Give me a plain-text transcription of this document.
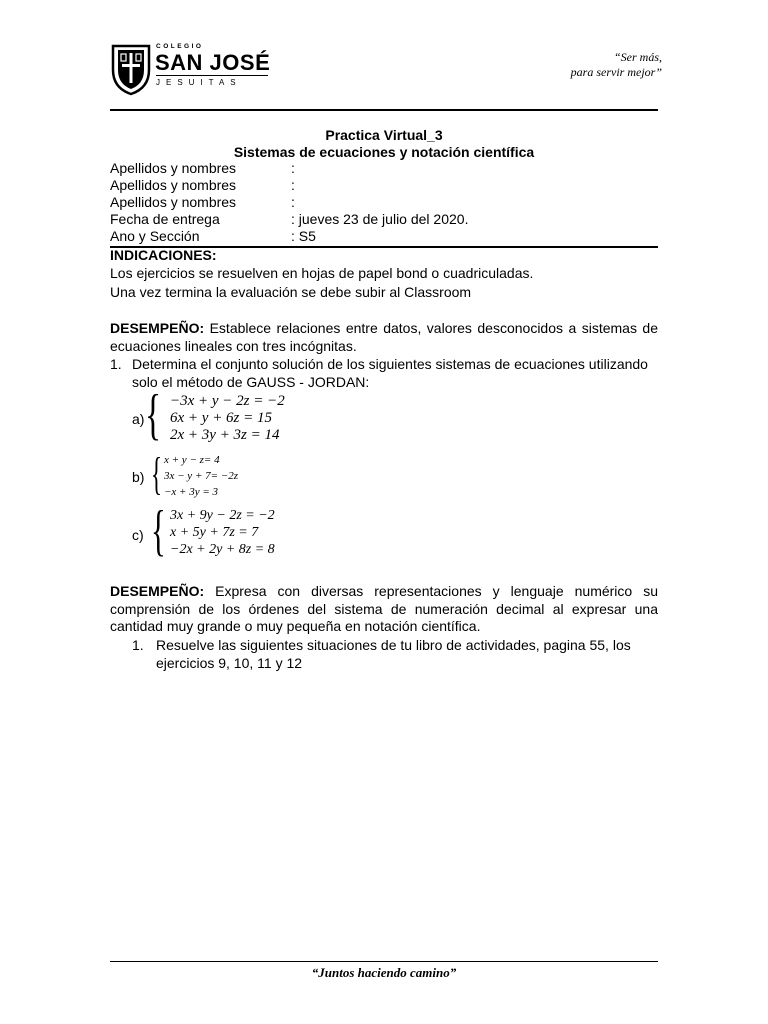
COLEGIO
SAN JOSÉ
JESUITAS
“Ser más,
para servir mejor”
Practica Virtual_3
Sistemas de ecuaciones y notación científica
Apellidos y nombres	:
Apellidos y nombres	:
Apellidos y nombres	:
Fecha de entrega	: jueves 23 de julio del 2020.
Ano y Sección	: S5
INDICACIONES:
Los ejercicios se resuelven en hojas de papel bond o cuadriculadas.
Una vez termina la evaluación se debe subir al Classroom
DESEMPEÑO: Establece relaciones entre datos, valores desconocidos a sistemas de ecuaciones lineales con tres incógnitas.
1. Determina el conjunto solución de los siguientes sistemas de ecuaciones utilizando solo el método de GAUSS - JORDAN:
a) { −3x + y − 2z = −2
6x + y + 6z = 15
2x + 3y + 3z = 14
b) { x + y − z= 4
3x − y + 7= −2z
−x + 3y = 3
c) { 3x + 9y − 2z = −2
x + 5y + 7z = 7
−2x + 2y + 8z = 8
DESEMPEÑO: Expresa con diversas representaciones y lenguaje numérico su comprensión de los órdenes del sistema de numeración decimal al expresar una cantidad muy grande o muy pequeña en notación científica.
1. Resuelve las siguientes situaciones de tu libro de actividades, pagina 55, los ejercicios 9, 10, 11 y 12
“Juntos haciendo camino”
